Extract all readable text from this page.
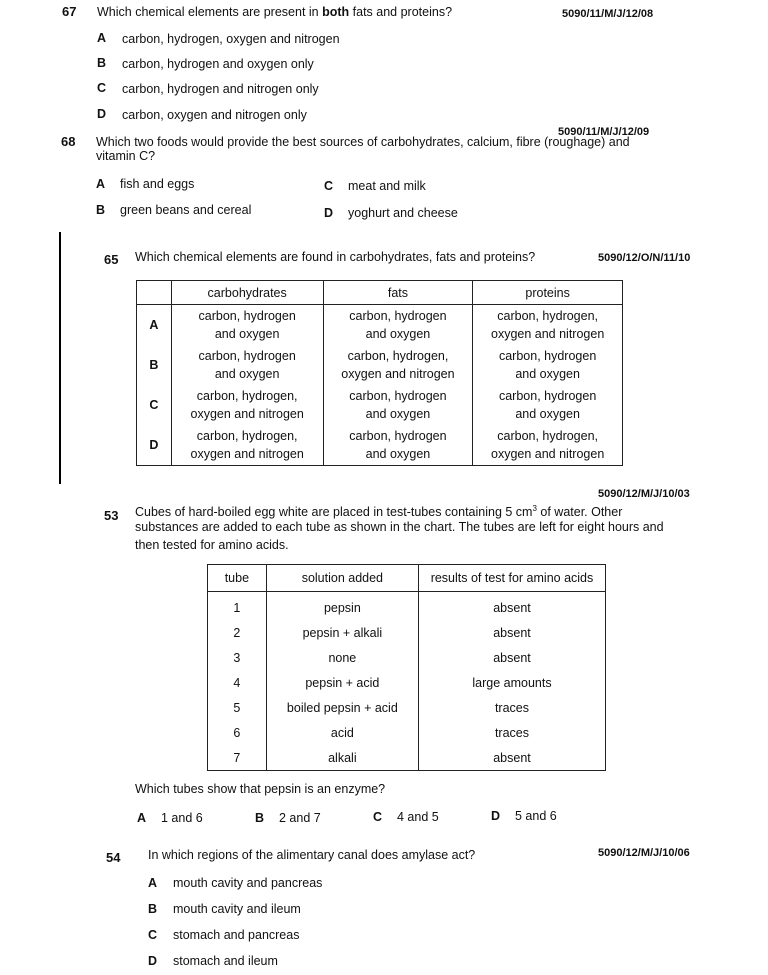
67 Which chemical elements are present in both fats and proteins?	5090/11/M/J/12/08
A carbon, hydrogen, oxygen and nitrogen
B carbon, hydrogen and oxygen only
C carbon, hydrogen and nitrogen only
D carbon, oxygen and nitrogen only
5090/11/M/J/12/09
68 Which two foods would provide the best sources of carbohydrates, calcium, fibre (roughage) and
vitamin C?
A fish and eggs
B green beans and cereal
C meat and milk
D yoghurt and cheese
65 Which chemical elements are found in carbohydrates, fats and proteins?	5090/12/O/N/11/10
	carbohydrates	fats	proteins
A	carbon, hydrogen
and oxygen	carbon, hydrogen
and oxygen	carbon, hydrogen,
oxygen and nitrogen
B	carbon, hydrogen
and oxygen	carbon, hydrogen,
oxygen and nitrogen	carbon, hydrogen
and oxygen
C	carbon, hydrogen,
oxygen and nitrogen	carbon, hydrogen
and oxygen	carbon, hydrogen
and oxygen
D	carbon, hydrogen,
oxygen and nitrogen	carbon, hydrogen
and oxygen	carbon, hydrogen,
oxygen and nitrogen
5090/12/M/J/10/03
53 Cubes of hard-boiled egg white are placed in test-tubes containing 5 $cm^3$ of water. Other
substances are added to each tube as shown in the chart. The tubes are left for eight hours and
then tested for amino acids.
tube	solution added	results of test for amino acids
1	pepsin	absent
2	pepsin + alkali	absent
3	none	absent
4	pepsin + acid	large amounts
5	boiled pepsin + acid	traces
6	acid	traces
7	alkali	absent
Which tubes show that pepsin is an enzyme?
A 1 and 6	B 2 and 7	C 4 and 5	D 5 and 6
54 In which regions of the alimentary canal does amylase act?	5090/12/M/J/10/06
A mouth cavity and pancreas
B mouth cavity and ileum
C stomach and pancreas
D stomach and ileum
